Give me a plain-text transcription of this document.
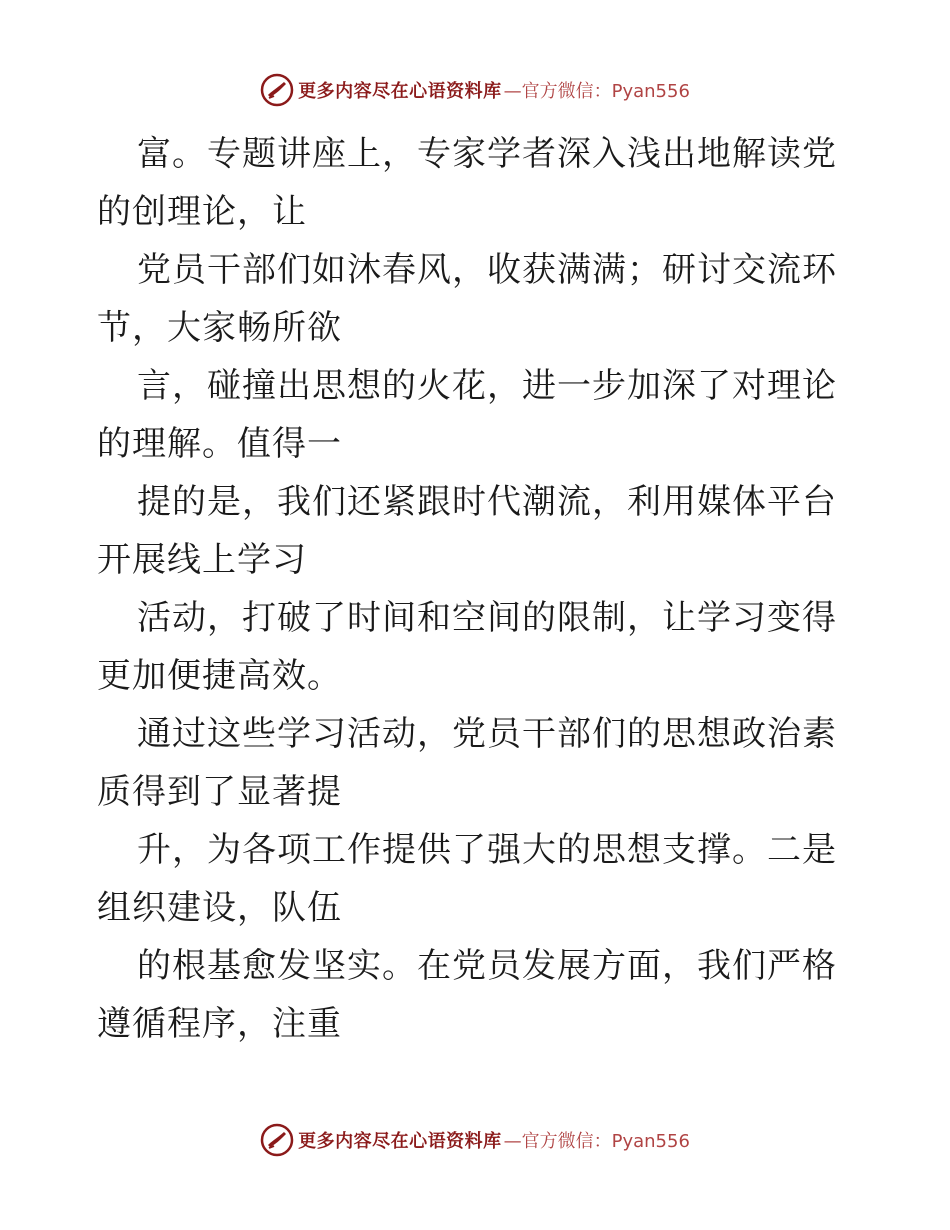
更多内容尽在心语资料库 —官方微信：Pyan556

富。专题讲座上，专家学者深入浅出地解读党的创理论，让

党员干部们如沐春风，收获满满；研讨交流环节，大家畅所欲

言，碰撞出思想的火花，进一步加深了对理论的理解。值得一

提的是，我们还紧跟时代潮流，利用媒体平台开展线上学习

活动，打破了时间和空间的限制，让学习变得更加便捷高效。

通过这些学习活动，党员干部们的思想政治素质得到了显著提

升，为各项工作提供了强大的思想支撑。二是组织建设，队伍

的根基愈发坚实。在党员发展方面，我们严格遵循程序，注重

更多内容尽在心语资料库 —官方微信：Pyan556
